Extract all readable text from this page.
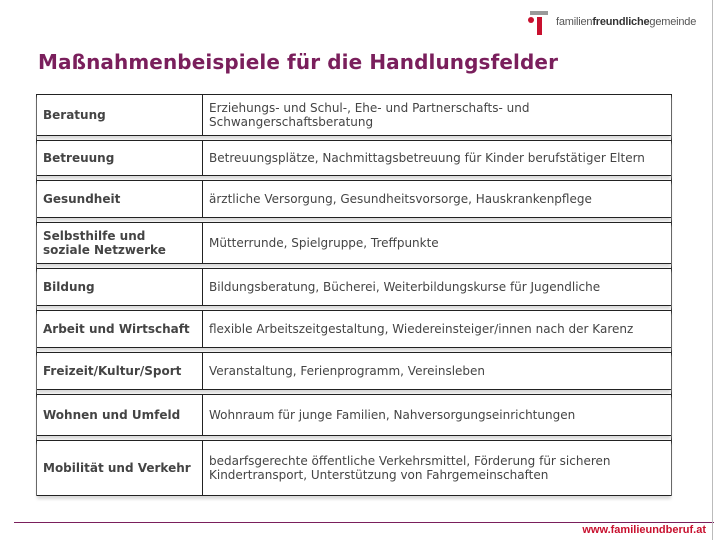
familienfreundlichegemeinde
Maßnahmenbeispiele für die Handlungsfelder
Beratung	Erziehungs- und Schul-, Ehe- und Partnerschafts- und Schwangerschaftsberatung
Betreuung	Betreuungsplätze, Nachmittagsbetreuung für Kinder berufstätiger Eltern
Gesundheit	ärztliche Versorgung, Gesundheitsvorsorge, Hauskrankenpflege
Selbsthilfe und soziale Netzwerke	Mütterrunde, Spielgruppe, Treffpunkte
Bildung	Bildungsberatung, Bücherei, Weiterbildungskurse für Jugendliche
Arbeit und Wirtschaft	flexible Arbeitszeitgestaltung, Wiedereinsteiger/innen nach der Karenz
Freizeit/Kultur/Sport	Veranstaltung, Ferienprogramm, Vereinsleben
Wohnen und Umfeld	Wohnraum für junge Familien, Nahversorgungseinrichtungen
Mobilität und Verkehr	bedarfsgerechte öffentliche Verkehrsmittel, Förderung für sicheren Kindertransport, Unterstützung von Fahrgemeinschaften
www.familieundberuf.at
